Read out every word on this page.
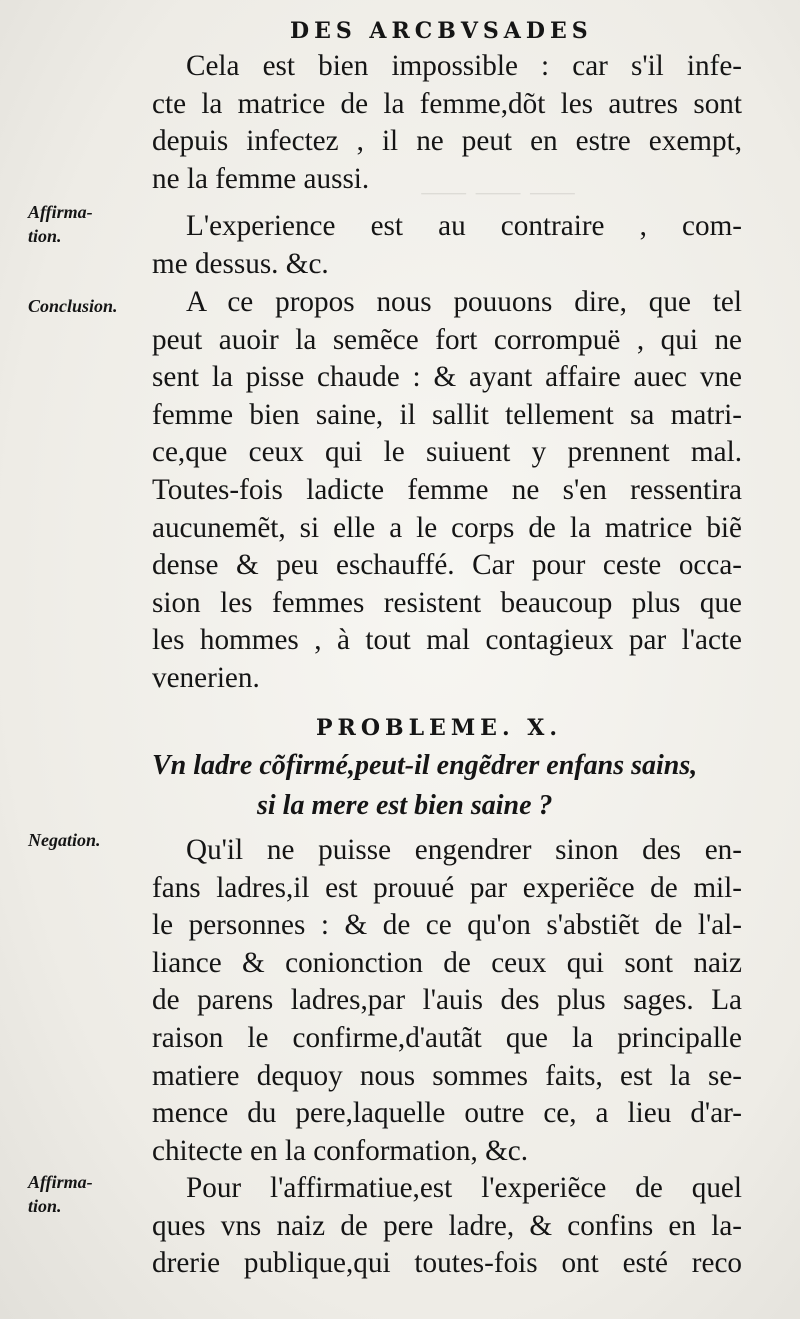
⸺ ⸺ ⸺
DES ARCBVSADES
Affirma-
tion.
Conclusion.
Negation.
Affirma-
tion.
Cela est bien impossible : car s'il infe-
cte la matrice de la femme,dõt les autres sont
depuis infectez , il ne peut en estre exempt,
ne la femme aussi.
L'experience est au contraire , com-
me dessus. &c.
A ce propos nous pouuons dire, que tel
peut auoir la semẽce fort corrompuë , qui ne
sent la pisse chaude : & ayant affaire auec vne
femme bien saine, il sallit tellement sa matri-
ce,que ceux qui le suiuent y prennent mal.
Toutes-fois ladicte femme ne s'en ressentira
aucunemẽt, si elle a le corps de la matrice biẽ
dense & peu eschauffé. Car pour ceste occa-
sion les femmes resistent beaucoup plus que
les hommes , à tout mal contagieux par l'acte
venerien.
PROBLEME. X.
Vn ladre cõfirmé,peut-il engẽdrer enfans sains,
si la mere est bien saine ?
Qu'il ne puisse engendrer sinon des en-
fans ladres,il est prouué par experiẽce de mil-
le personnes : & de ce qu'on s'abstiẽt de l'al-
liance & conionction de ceux qui sont naiz
de parens ladres,par l'auis des plus sages. La
raison le confirme,d'autãt que la principalle
matiere dequoy nous sommes faits, est la se-
mence du pere,laquelle outre ce, a lieu d'ar-
chitecte en la conformation, &c.
Pour l'affirmatiue,est l'experiẽce de quel
ques vns naiz de pere ladre, & confins en la-
drerie publique,qui toutes-fois ont esté reco
